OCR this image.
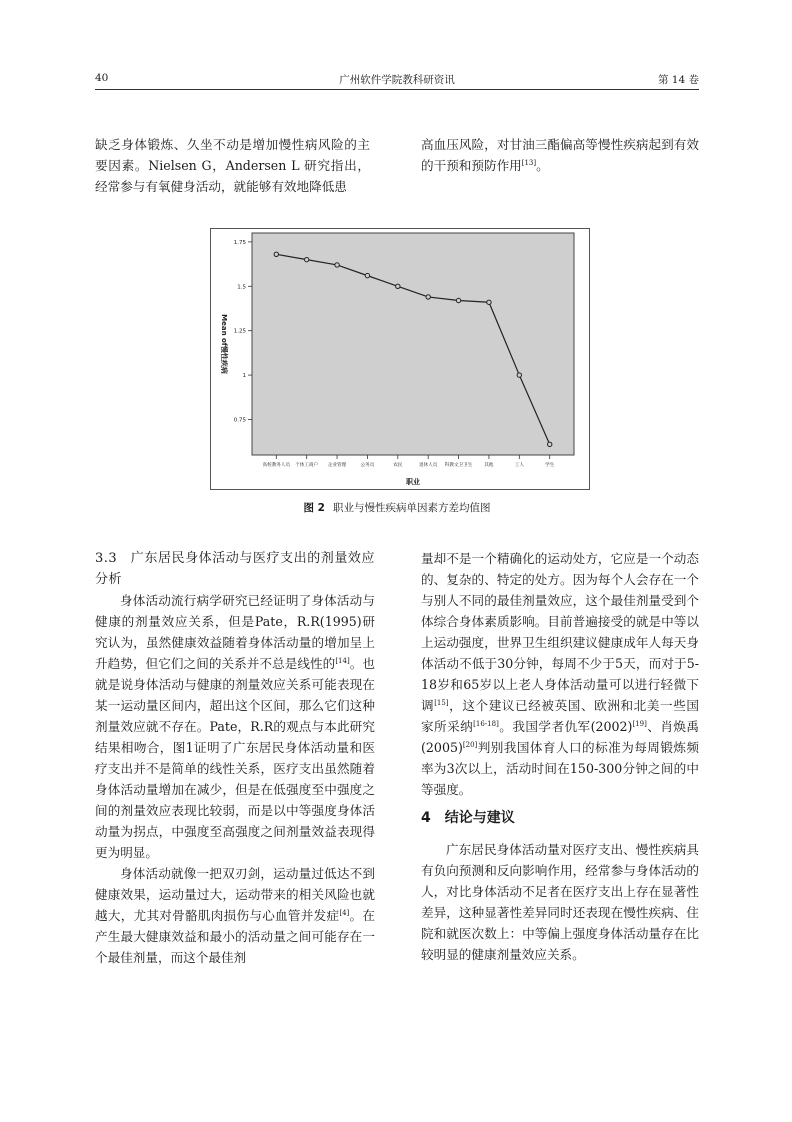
40	广州软件学院教科研资讯	第 14 卷

缺乏身体锻炼、久坐不动是增加慢性病风险的主要因素。Nielsen G，Andersen L 研究指出，经常参与有氧健身活动，就能够有效地降低患

高血压风险，对甘油三酯偏高等慢性疾病起到有效的干预和预防作用[13]。

0.75
1
1.25
1.5
1.75
Mean of慢性疾病
高校教务人员 个体工商户 企业管理	公务员	农民	退休人员 科教文卫卫生	其他	工人	学生
职业
图 2 职业与慢性疾病单因素方差均值图

3.3　广东居民身体活动与医疗支出的剂量效应分析

身体活动流行病学研究已经证明了身体活动与健康的剂量效应关系，但是Pate，R.R(1995)研究认为，虽然健康效益随着身体活动量的增加呈上升趋势，但它们之间的关系并不总是线性的[14]。也就是说身体活动与健康的剂量效应关系可能表现在某一运动量区间内，超出这个区间，那么它们这种剂量效应就不存在。Pate，R.R的观点与本此研究结果相吻合，图1证明了广东居民身体活动量和医疗支出并不是简单的线性关系，医疗支出虽然随着身体活动量增加在减少，但是在低强度至中强度之间的剂量效应表现比较弱，而是以中等强度身体活动量为拐点，中强度至高强度之间剂量效益表现得更为明显。

身体活动就像一把双刃剑，运动量过低达不到健康效果，运动量过大，运动带来的相关风险也就越大，尤其对骨骼肌肉损伤与心血管并发症[4]。在产生最大健康效益和最小的活动量之间可能存在一个最佳剂量，而这个最佳剂

量却不是一个精确化的运动处方，它应是一个动态的、复杂的、特定的处方。因为每个人会存在一个与别人不同的最佳剂量效应，这个最佳剂量受到个体综合身体素质影响。目前普遍接受的就是中等以上运动强度，世界卫生组织建议健康成年人每天身体活动不低于30分钟，每周不少于5天，而对于5-18岁和65岁以上老人身体活动量可以进行轻微下调[15]，这个建议已经被英国、欧洲和北美一些国家所采纳[16-18]。我国学者仇军(2002)[19]、肖焕禹(2005)[20]判别我国体育人口的标准为每周锻炼频率为3次以上，活动时间在150-300分钟之间的中等强度。

4　结论与建议

广东居民身体活动量对医疗支出、慢性疾病具有负向预测和反向影响作用，经常参与身体活动的人，对比身体活动不足者在医疗支出上存在显著性差异，这种显著性差异同时还表现在慢性疾病、住院和就医次数上：中等偏上强度身体活动量存在比较明显的健康剂量效应关系。
